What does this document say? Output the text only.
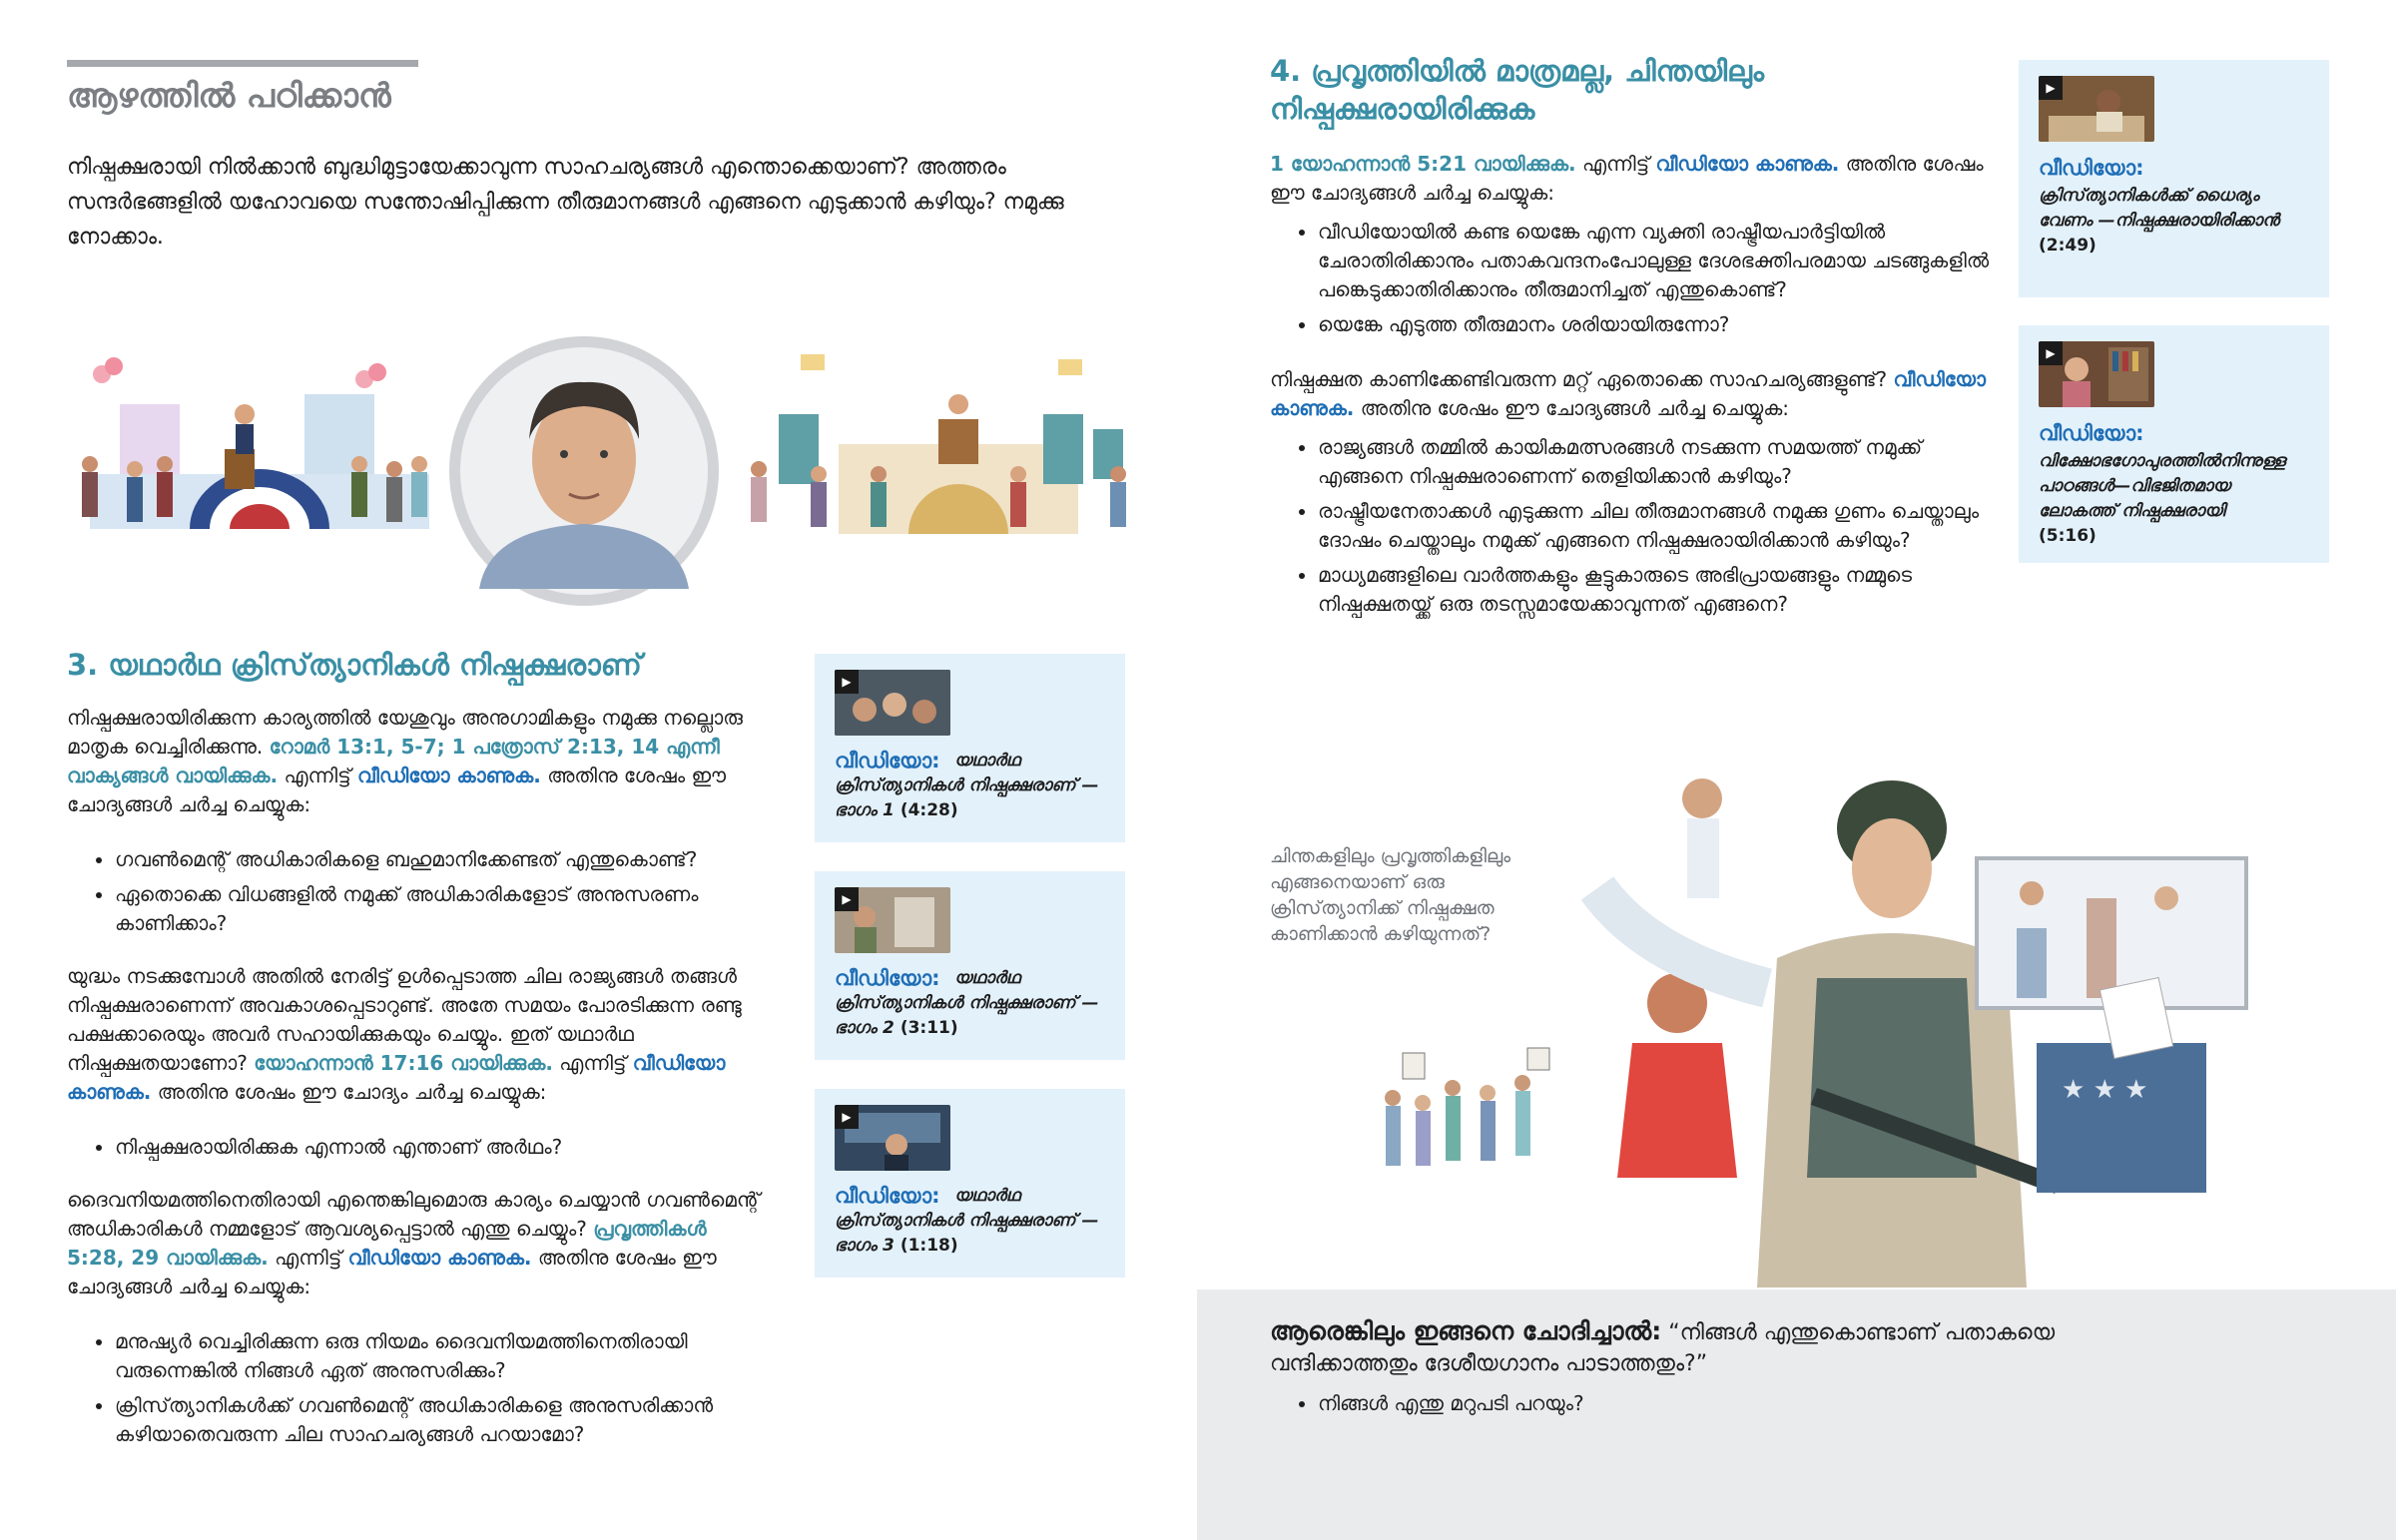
ആഴത്തിൽ പഠിക്കാൻ

നിഷ്പക്ഷരായി നിൽക്കാൻ ബുദ്ധിമുട്ടായേക്കാവുന്ന സാഹചര്യങ്ങൾ എന്തൊക്കെയാണ്? അത്തരം സന്ദർഭങ്ങളിൽ യഹോവയെ സന്തോഷിപ്പിക്കുന്ന തീരുമാനങ്ങൾ എങ്ങനെ എടുക്കാൻ കഴിയും? നമുക്കു നോക്കാം.

3. യഥാർഥ ക്രിസ്‌ത്യാനികൾ നിഷ്പക്ഷരാണ്

നിഷ്പക്ഷരായിരിക്കുന്ന കാര്യത്തിൽ യേശുവും അനുഗാമികളും നമുക്കു നല്ലൊരു മാതൃക വെച്ചിരിക്കുന്നു. റോമർ 13:1, 5-7; 1 പത്രോസ്‌ 2:13, 14 എന്നീ വാക്യങ്ങൾ വായിക്കുക. എന്നിട്ട് വീഡിയോ കാണുക. അതിനു ശേഷം ഈ ചോദ്യങ്ങൾ ചർച്ച ചെയ്യുക:

• ഗവൺമെന്റ് അധികാരികളെ ബഹുമാനിക്കേണ്ടത് എന്തുകൊണ്ട്?
• ഏതൊക്കെ വിധങ്ങളിൽ നമുക്ക് അധികാരികളോട് അനുസരണം കാണിക്കാം?

യുദ്ധം നടക്കുമ്പോൾ അതിൽ നേരിട്ട് ഉൾപ്പെടാത്ത ചില രാജ്യങ്ങൾ തങ്ങൾ നിഷ്പക്ഷരാണെന്ന് അവകാശപ്പെടാറുണ്ട്. അതേ സമയം പോരടിക്കുന്ന രണ്ടു പക്ഷക്കാരെയും അവർ സഹായിക്കുകയും ചെയ്യും. ഇത് യഥാർഥ നിഷ്പക്ഷതയാണോ? യോഹന്നാൻ 17:16 വായിക്കുക. എന്നിട്ട് വീഡിയോ കാണുക. അതിനു ശേഷം ഈ ചോദ്യം ചർച്ച ചെയ്യുക:

• നിഷ്പക്ഷരായിരിക്കുക എന്നാൽ എന്താണ് അർഥം?

ദൈവനിയമത്തിനെതിരായി എന്തെങ്കിലുമൊരു കാര്യം ചെയ്യാൻ ഗവൺമെന്റ് അധികാരികൾ നമ്മളോട് ആവശ്യപ്പെട്ടാൽ എന്തു ചെയ്യും? പ്രവൃത്തികൾ 5:28, 29 വായിക്കുക. എന്നിട്ട് വീഡിയോ കാണുക. അതിനു ശേഷം ഈ ചോദ്യങ്ങൾ ചർച്ച ചെയ്യുക:

• മനുഷ്യർ വെച്ചിരിക്കുന്ന ഒരു നിയമം ദൈവനിയമത്തിനെതിരായി വരുന്നെങ്കിൽ നിങ്ങൾ ഏത് അനുസരിക്കും?
• ക്രിസ്‌ത്യാനികൾക്ക് ഗവൺമെന്റ് അധികാരികളെ അനുസരിക്കാൻ കഴിയാതെവരുന്ന ചില സാഹചര്യങ്ങൾ പറയാമോ?
▶
വീഡിയോ: യഥാർഥ ക്രിസ്‌ത്യാനികൾ നിഷ്പക്ഷരാണ് —ഭാഗം 1 (4:28)
▶
വീഡിയോ: യഥാർഥ ക്രിസ്‌ത്യാനികൾ നിഷ്പക്ഷരാണ് —ഭാഗം 2 (3:11)
▶
വീഡിയോ: യഥാർഥ ക്രിസ്‌ത്യാനികൾ നിഷ്പക്ഷരാണ് —ഭാഗം 3 (1:18)
4. പ്രവൃത്തിയിൽ മാത്രമല്ല, ചിന്തയിലും നിഷ്പക്ഷരായിരിക്കുക

1 യോഹന്നാൻ 5:21 വായിക്കുക. എന്നിട്ട് വീഡിയോ കാണുക. അതിനു ശേഷം ഈ ചോദ്യങ്ങൾ ചർച്ച ചെയ്യുക:

• വീഡിയോയിൽ കണ്ട യെങ്കേ എന്ന വ്യക്തി രാഷ്ട്രീയപാർട്ടിയിൽ ചേരാതിരിക്കാനും പതാകവന്ദനംപോലുള്ള ദേശഭക്തിപരമായ ചടങ്ങുകളിൽ പങ്കെടുക്കാതിരിക്കാനും തീരുമാനിച്ചത് എന്തുകൊണ്ട്?
• യെങ്കേ എടുത്ത തീരുമാനം ശരിയായിരുന്നോ?

നിഷ്പക്ഷത കാണിക്കേണ്ടിവരുന്ന മറ്റ് ഏതൊക്കെ സാഹചര്യങ്ങളുണ്ട്? വീഡിയോ കാണുക. അതിനു ശേഷം ഈ ചോദ്യങ്ങൾ ചർച്ച ചെയ്യുക:

• രാജ്യങ്ങൾ തമ്മിൽ കായികമത്സരങ്ങൾ നടക്കുന്ന സമയത്ത് നമുക്ക് എങ്ങനെ നിഷ്പക്ഷരാണെന്ന് തെളിയിക്കാൻ കഴിയും?
• രാഷ്ട്രീയനേതാക്കൾ എടുക്കുന്ന ചില തീരുമാനങ്ങൾ നമുക്കു ഗുണം ചെയ്താലും ദോഷം ചെയ്താലും നമുക്ക് എങ്ങനെ നിഷ്പക്ഷരായിരിക്കാൻ കഴിയും?
• മാധ്യമങ്ങളിലെ വാർത്തകളും കൂട്ടുകാരുടെ അഭിപ്രായങ്ങളും നമ്മുടെ നിഷ്പക്ഷതയ്ക്ക് ഒരു തടസ്സമായേക്കാവുന്നത് എങ്ങനെ?
▶
വീഡിയോ:
ക്രിസ്‌ത്യാനികൾക്ക് ധൈര്യം വേണം —നിഷ്പക്ഷരായിരിക്കാൻ
(2:49)
▶
വീഡിയോ:
വിക്ഷോഭഗോപുരത്തിൽനിന്നുള്ള പാഠങ്ങൾ—വിഭജിതമായ ലോകത്ത് നിഷ്പക്ഷരായി
(5:16)

ചിന്തകളിലും പ്രവൃത്തികളിലും എങ്ങനെയാണ് ഒരു ക്രിസ്‌ത്യാനിക്ക് നിഷ്പക്ഷത കാണിക്കാൻ കഴിയുന്നത്?

★ ★ ★
ആരെങ്കിലും ഇങ്ങനെ ചോദിച്ചാൽ: “നിങ്ങൾ എന്തുകൊണ്ടാണ് പതാകയെ വന്ദിക്കാത്തതും ദേശീയഗാനം പാടാത്തതും?”
• നിങ്ങൾ എന്തു മറുപടി പറയും?
